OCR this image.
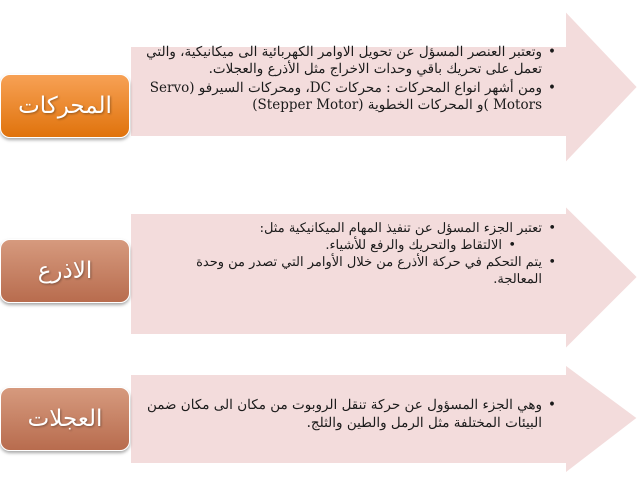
المحركات
• وتعتبر العنصر المسؤل عن تحويل الاوامر الكهربائية الى ميكانيكية، والتي تعمل على تحريك باقي وحدات الاخراج مثل الأذرع والعجلات.
• ومن أشهر انواع المحركات : محركات DC، ومحركات السيرفو (Servo Motors )و المحركات الخطوية (Stepper Motor)
الاذرع
• تعتبر الجزء المسؤل عن تنفيذ المهام الميكانيكية مثل:
• الالتقاط والتحريك والرفع للأشياء.
• يتم التحكم في حركة الأذرع من خلال الأوامر التي تصدر من وحدة المعالجة.
العجلات
• وهي الجزء المسؤول عن حركة تنقل الروبوت من مكان الى مكان ضمن البيئات المختلفة مثل الرمل والطين والثلج.
